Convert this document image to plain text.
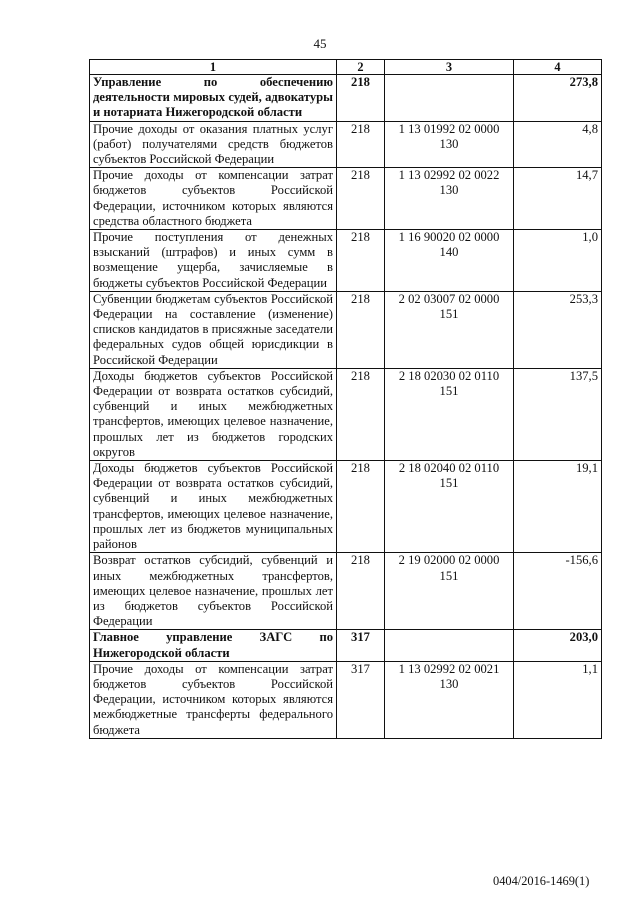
45
1	2	3	4
Управление по обеспечению деятельности мировых судей, адвокатуры и нотариата Нижегородской области	218		273,8
Прочие доходы от оказания платных услуг (работ) получателями средств бюджетов субъектов Российской Федерации	218	1 13 01992 02 0000 130	4,8
Прочие доходы от компенсации затрат бюджетов субъектов Российской Федерации, источником которых являются средства областного бюджета	218	1 13 02992 02 0022 130	14,7
Прочие поступления от денежных взысканий (штрафов) и иных сумм в возмещение ущерба, зачисляемые в бюджеты субъектов Российской Федерации	218	1 16 90020 02 0000 140	1,0
Субвенции бюджетам субъектов Российской Федерации на составление (изменение) списков кандидатов в присяжные заседатели федеральных судов общей юрисдикции в Российской Федерации	218	2 02 03007 02 0000 151	253,3
Доходы бюджетов субъектов Российской Федерации от возврата остатков субсидий, субвенций и иных межбюджетных трансфертов, имеющих целевое назначение, прошлых лет из бюджетов городских округов	218	2 18 02030 02 0110 151	137,5
Доходы бюджетов субъектов Российской Федерации от возврата остатков субсидий, субвенций и иных межбюджетных трансфертов, имеющих целевое назначение, прошлых лет из бюджетов муниципальных районов	218	2 18 02040 02 0110 151	19,1
Возврат остатков субсидий, субвенций и иных межбюджетных трансфертов, имеющих целевое назначение, прошлых лет из бюджетов субъектов Российской Федерации	218	2 19 02000 02 0000 151	-156,6
Главное управление ЗАГС по Нижегородской области	317		203,0
Прочие доходы от компенсации затрат бюджетов субъектов Российской Федерации, источником которых являются межбюджетные трансферты федерального бюджета	317	1 13 02992 02 0021 130	1,1
0404/2016-1469(1)
